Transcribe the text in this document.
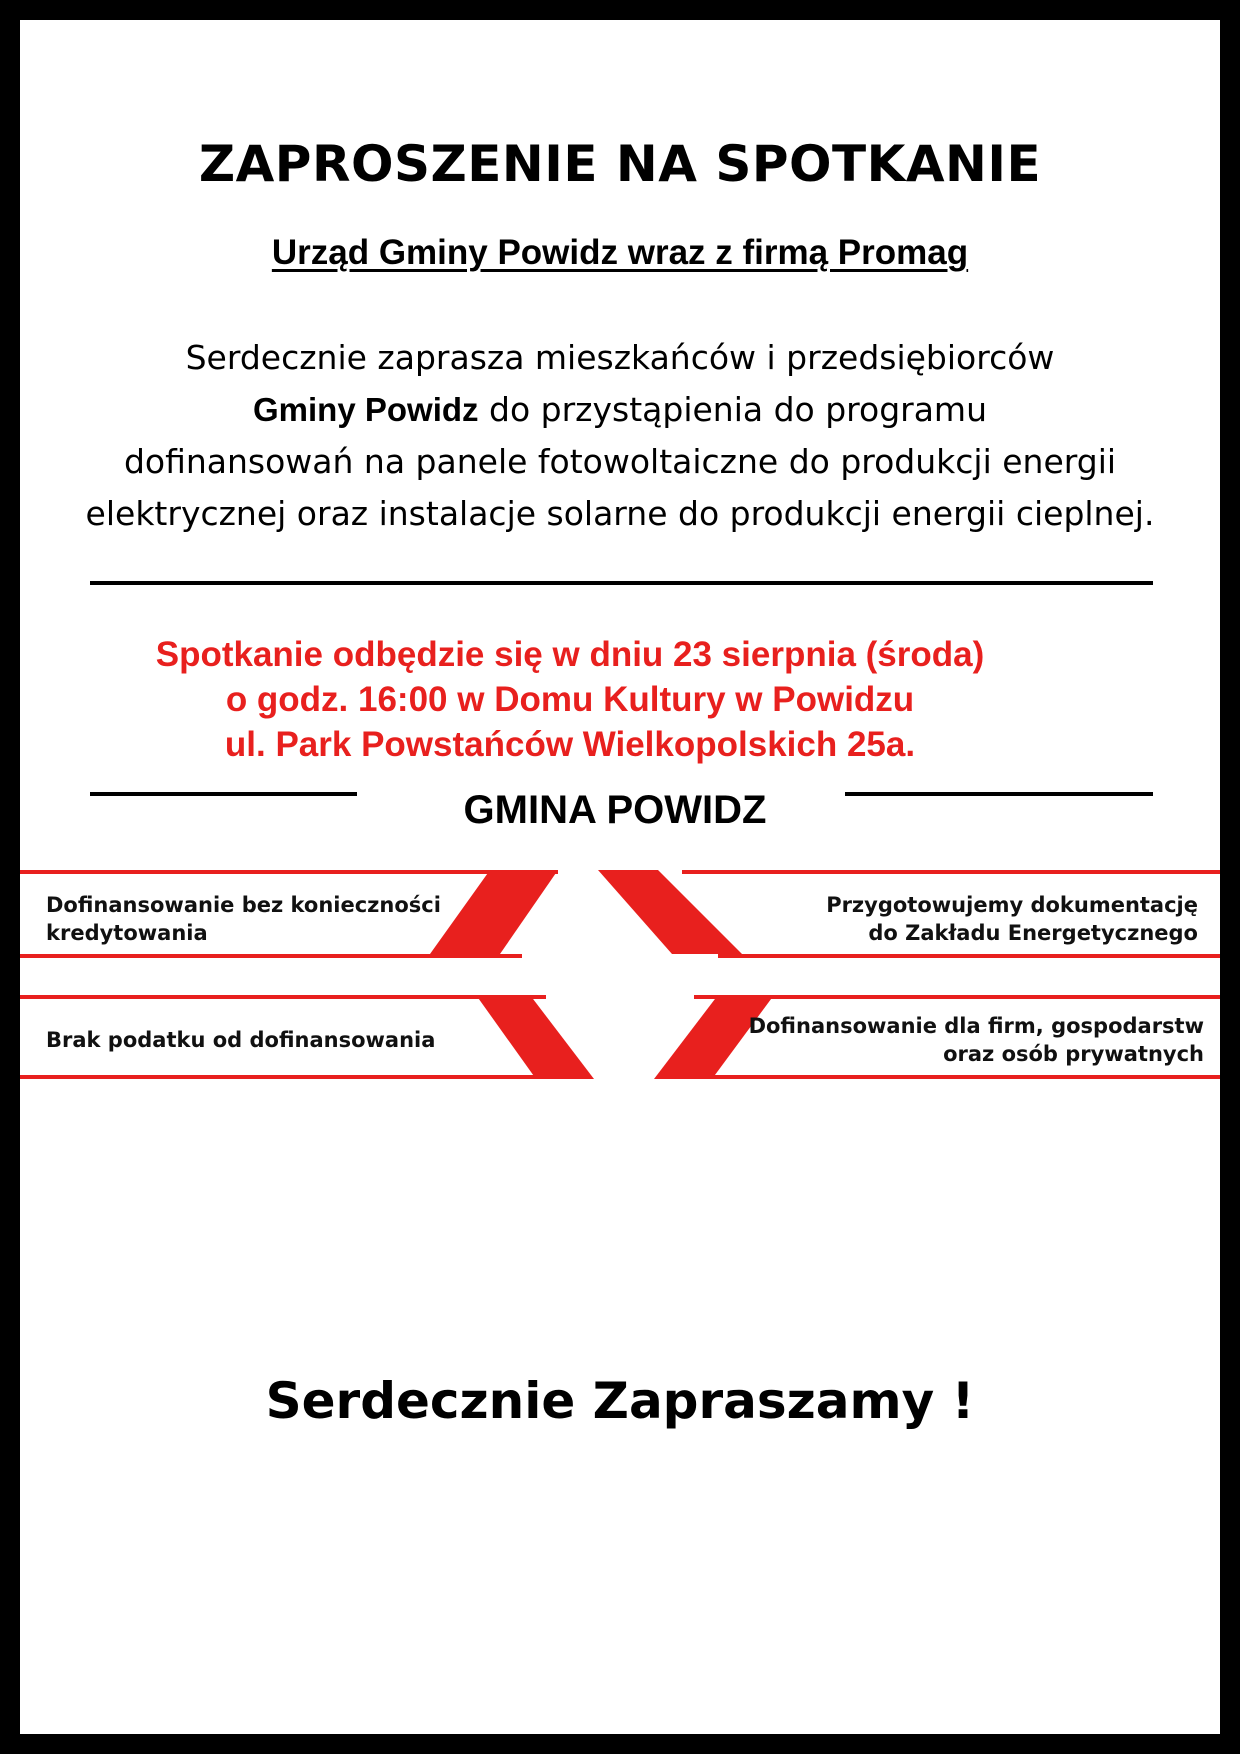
ZAPROSZENIE NA SPOTKANIE
Urząd Gminy Powidz wraz z firmą Promag
Serdecznie zaprasza mieszkańców i przedsiębiorców
Gminy Powidz do przystąpienia do programu
dofinansowań na panele fotowoltaiczne do produkcji energii
elektrycznej oraz instalacje solarne do produkcji energii cieplnej.
Spotkanie odbędzie się w dniu 23 sierpnia (środa)
o godz. 16:00 w Domu Kultury w Powidzu
ul. Park Powstańców Wielkopolskich 25a.
GMINA POWIDZ
Dofinansowanie bez konieczności
kredytowania
Przygotowujemy dokumentację
do Zakładu Energetycznego
Brak podatku od dofinansowania
Dofinansowanie dla firm, gospodarstw
oraz osób prywatnych
Serdecznie Zapraszamy !
